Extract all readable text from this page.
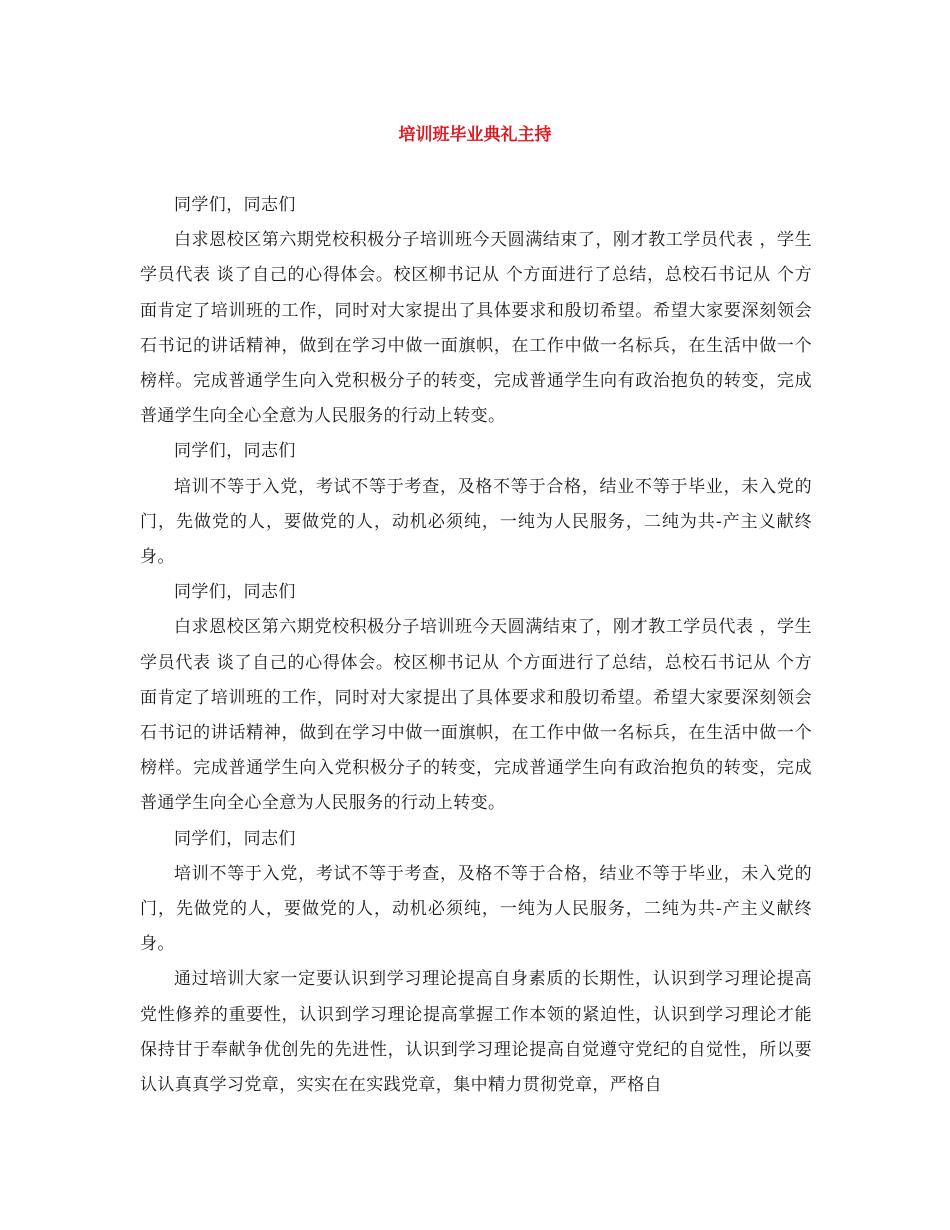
培训班毕业典礼主持

同学们，同志们

白求恩校区第六期党校积极分子培训班今天圆满结束了，刚才教工学员代表 ，学生学员代表 谈了自己的心得体会。校区柳书记从 个方面进行了总结，总校石书记从 个方面肯定了培训班的工作，同时对大家提出了具体要求和殷切希望。希望大家要深刻领会石书记的讲话精神，做到在学习中做一面旗帜，在工作中做一名标兵，在生活中做一个榜样。完成普通学生向入党积极分子的转变，完成普通学生向有政治抱负的转变，完成普通学生向全心全意为人民服务的行动上转变。

同学们，同志们

培训不等于入党，考试不等于考查，及格不等于合格，结业不等于毕业，未入党的门，先做党的人，要做党的人，动机必须纯，一纯为人民服务，二纯为共-产主义献终身。

同学们，同志们

白求恩校区第六期党校积极分子培训班今天圆满结束了，刚才教工学员代表 ，学生学员代表 谈了自己的心得体会。校区柳书记从 个方面进行了总结，总校石书记从 个方面肯定了培训班的工作，同时对大家提出了具体要求和殷切希望。希望大家要深刻领会石书记的讲话精神，做到在学习中做一面旗帜，在工作中做一名标兵，在生活中做一个榜样。完成普通学生向入党积极分子的转变，完成普通学生向有政治抱负的转变，完成普通学生向全心全意为人民服务的行动上转变。

同学们，同志们

培训不等于入党，考试不等于考查，及格不等于合格，结业不等于毕业，未入党的门，先做党的人，要做党的人，动机必须纯，一纯为人民服务，二纯为共-产主义献终身。

通过培训大家一定要认识到学习理论提高自身素质的长期性，认识到学习理论提高党性修养的重要性，认识到学习理论提高掌握工作本领的紧迫性，认识到学习理论才能保持甘于奉献争优创先的先进性，认识到学习理论提高自觉遵守党纪的自觉性，所以要认认真真学习党章，实实在在实践党章，集中精力贯彻党章，严格自
